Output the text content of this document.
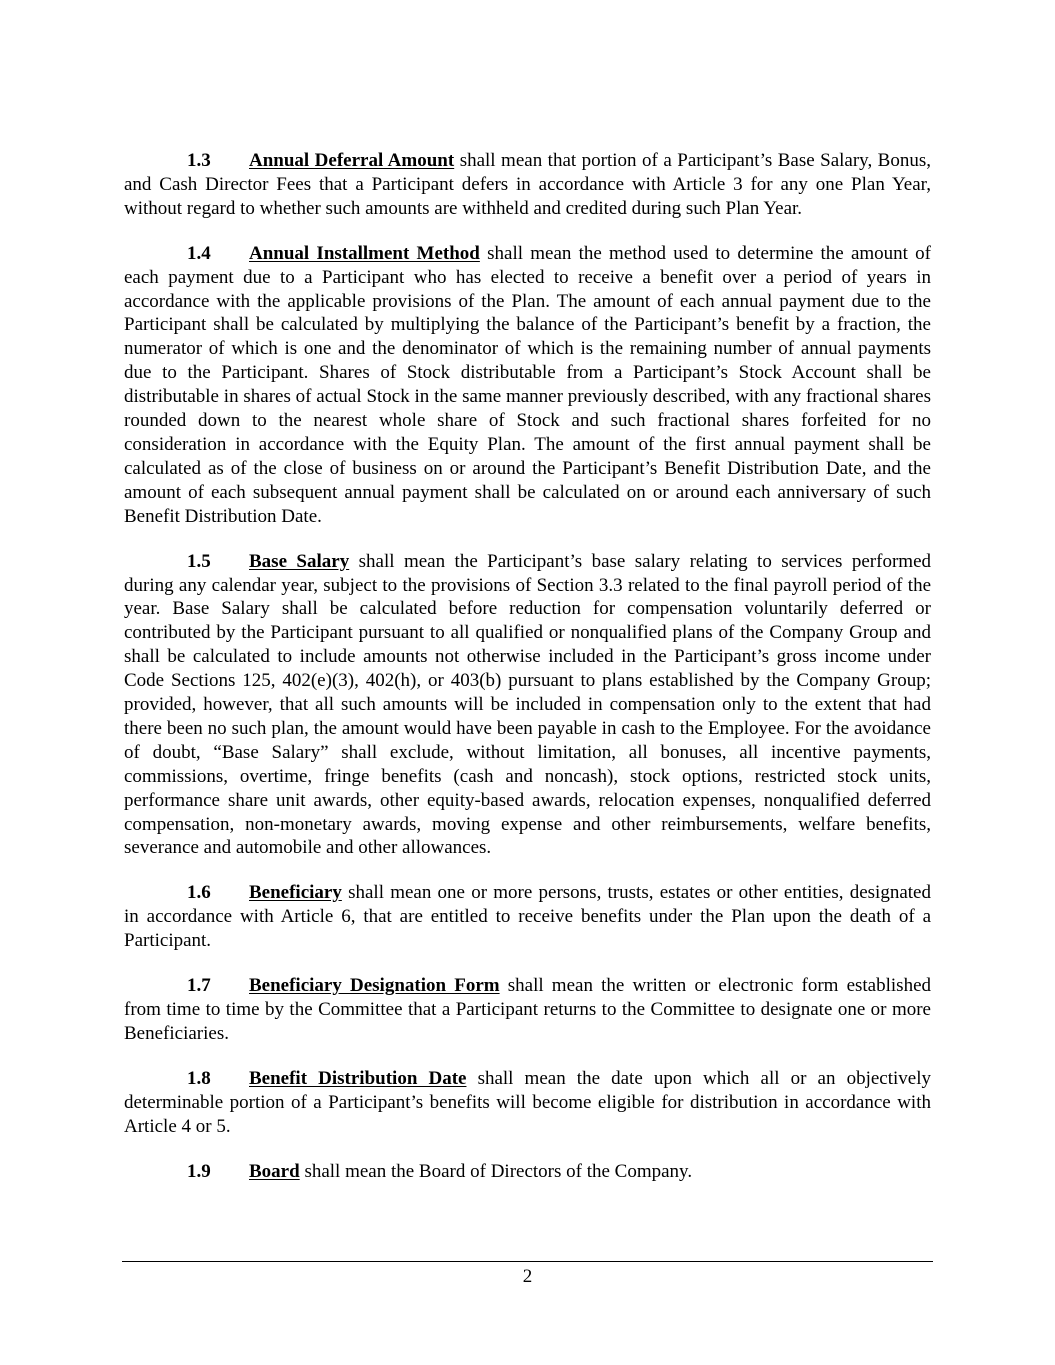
1.3 Annual Deferral Amount shall mean that portion of a Participant’s Base Salary, Bonus, and Cash Director Fees that a Participant defers in accordance with Article 3 for any one Plan Year, without regard to whether such amounts are withheld and credited during such Plan Year.

1.4 Annual Installment Method shall mean the method used to determine the amount of each payment due to a Participant who has elected to receive a benefit over a period of years in accordance with the applicable provisions of the Plan. The amount of each annual payment due to the Participant shall be calculated by multiplying the balance of the Participant’s benefit by a fraction, the numerator of which is one and the denominator of which is the remaining number of annual payments due to the Participant. Shares of Stock distributable from a Participant’s Stock Account shall be distributable in shares of actual Stock in the same manner previously described, with any fractional shares rounded down to the nearest whole share of Stock and such fractional shares forfeited for no consideration in accordance with the Equity Plan. The amount of the first annual payment shall be calculated as of the close of business on or around the Participant’s Benefit Distribution Date, and the amount of each subsequent annual payment shall be calculated on or around each anniversary of such Benefit Distribution Date.

1.5 Base Salary shall mean the Participant’s base salary relating to services performed during any calendar year, subject to the provisions of Section 3.3 related to the final payroll period of the year. Base Salary shall be calculated before reduction for compensation voluntarily deferred or contributed by the Participant pursuant to all qualified or nonqualified plans of the Company Group and shall be calculated to include amounts not otherwise included in the Participant’s gross income under Code Sections 125, 402(e)(3), 402(h), or 403(b) pursuant to plans established by the Company Group; provided, however, that all such amounts will be included in compensation only to the extent that had there been no such plan, the amount would have been payable in cash to the Employee. For the avoidance of doubt, “Base Salary” shall exclude, without limitation, all bonuses, all incentive payments, commissions, overtime, fringe benefits (cash and noncash), stock options, restricted stock units, performance share unit awards, other equity-based awards, relocation expenses, nonqualified deferred compensation, non-monetary awards, moving expense and other reimbursements, welfare benefits, severance and automobile and other allowances.

1.6 Beneficiary shall mean one or more persons, trusts, estates or other entities, designated in accordance with Article 6, that are entitled to receive benefits under the Plan upon the death of a Participant.

1.7 Beneficiary Designation Form shall mean the written or electronic form established from time to time by the Committee that a Participant returns to the Committee to designate one or more Beneficiaries.

1.8 Benefit Distribution Date shall mean the date upon which all or an objectively determinable portion of a Participant’s benefits will become eligible for distribution in accordance with Article 4 or 5.

1.9 Board shall mean the Board of Directors of the Company.

2
